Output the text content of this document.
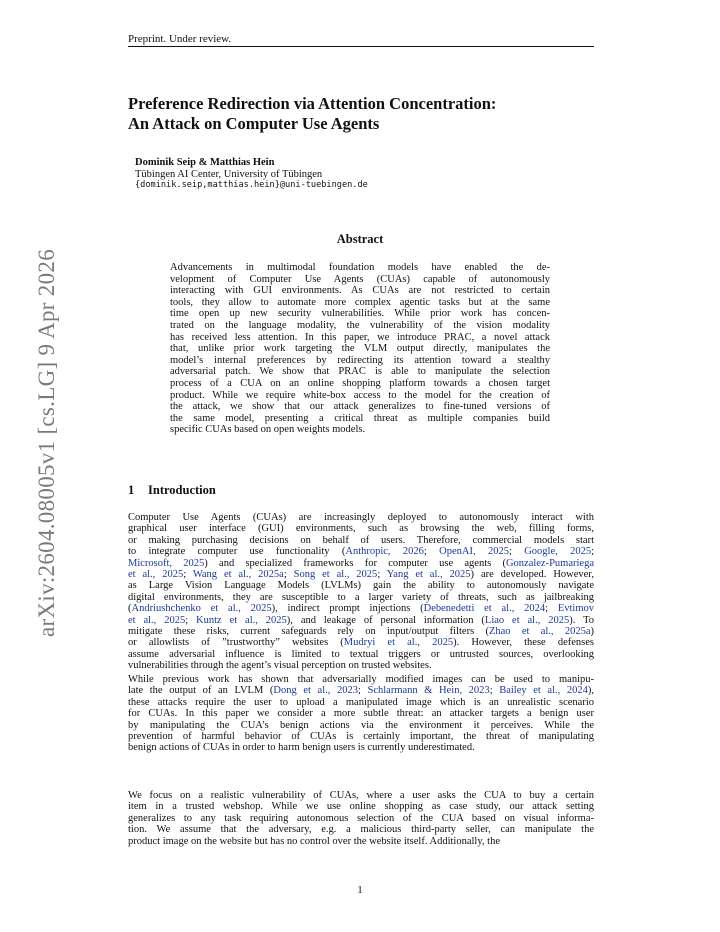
Preprint. Under review.
Preference Redirection via Attention Concentration:
An Attack on Computer Use Agents
Dominik Seip & Matthias Hein
Tübingen AI Center, University of Tübingen
{dominik.seip,matthias.hein}@uni-tuebingen.de
Abstract
Advancements in multimodal foundation models have enabled the de-
velopment of Computer Use Agents (CUAs) capable of autonomously
interacting with GUI environments. As CUAs are not restricted to certain
tools, they allow to automate more complex agentic tasks but at the same
time open up new security vulnerabilities. While prior work has concen-
trated on the language modality, the vulnerability of the vision modality
has received less attention. In this paper, we introduce PRAC, a novel attack
that, unlike prior work targeting the VLM output directly, manipulates the
model’s internal preferences by redirecting its attention toward a stealthy
adversarial patch. We show that PRAC is able to manipulate the selection
process of a CUA on an online shopping platform towards a chosen target
product. While we require white-box access to the model for the creation of
the attack, we show that our attack generalizes to fine-tuned versions of
the same model, presenting a critical threat as multiple companies build
specific CUAs based on open weights models.
1 Introduction
Computer Use Agents (CUAs) are increasingly deployed to autonomously interact with
graphical user interface (GUI) environments, such as browsing the web, filling forms,
or making purchasing decisions on behalf of users. Therefore, commercial models start
to integrate computer use functionality (Anthropic, 2026; OpenAI, 2025; Google, 2025;
Microsoft, 2025) and specialized frameworks for computer use agents (Gonzalez-Pumariega
et al., 2025; Wang et al., 2025a; Song et al., 2025; Yang et al., 2025) are developed. However,
as Large Vision Language Models (LVLMs) gain the ability to autonomously navigate
digital environments, they are susceptible to a larger variety of threats, such as jailbreaking
(Andriushchenko et al., 2025), indirect prompt injections (Debenedetti et al., 2024; Evtimov
et al., 2025; Kuntz et al., 2025), and leakage of personal information (Liao et al., 2025). To
mitigate these risks, current safeguards rely on input/output filters (Zhao et al., 2025a)
or allowlists of ”trustworthy” websites (Mudryi et al., 2025). However, these defenses
assume adversarial influence is limited to textual triggers or untrusted sources, overlooking
vulnerabilities through the agent’s visual perception on trusted websites.
While previous work has shown that adversarially modified images can be used to manipu-
late the output of an LVLM (Dong et al., 2023; Schlarmann & Hein, 2023; Bailey et al., 2024),
these attacks require the user to upload a manipulated image which is an unrealistic scenario
for CUAs. In this paper we consider a more subtle threat: an attacker targets a benign user
by manipulating the CUA’s benign actions via the environment it perceives. While the
prevention of harmful behavior of CUAs is certainly important, the threat of manipulating
benign actions of CUAs in order to harm benign users is currently underestimated.
We focus on a realistic vulnerability of CUAs, where a user asks the CUA to buy a certain
item in a trusted webshop. While we use online shopping as case study, our attack setting
generalizes to any task requiring autonomous selection of the CUA based on visual informa-
tion. We assume that the adversary, e.g. a malicious third-party seller, can manipulate the
product image on the website but has no control over the website itself. Additionally, the
arXiv:2604.08005v1 [cs.LG] 9 Apr 2026
1
